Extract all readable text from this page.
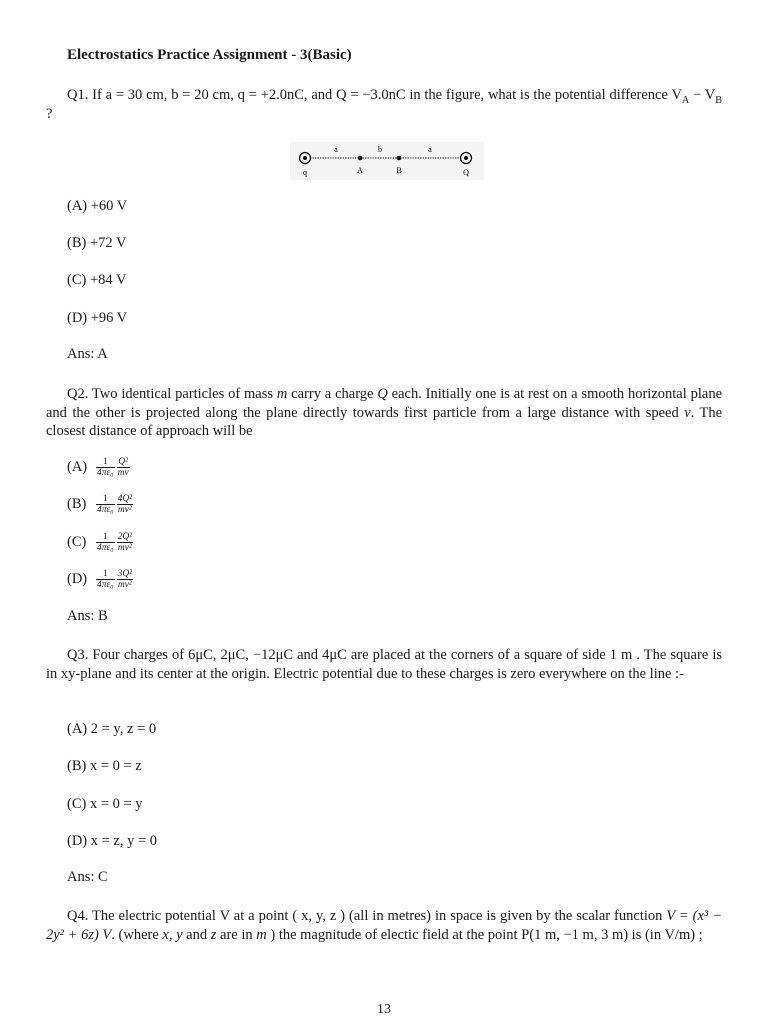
Electrostatics Practice Assignment - 3(Basic)
Q1. If a = 30 cm, b = 20 cm, q = +2.0nC, and Q = −3.0nC in the figure, what is the potential difference $V_A - V_B$ ?
a	b	a
q	A	B	Q
(A) +60 V
(B) +72 V
(C) +84 V
(D) +96 V
Ans: A
Q2. Two identical particles of mass m carry a charge Q each. Initially one is at rest on a smooth horizontal plane and the other is projected along the plane directly towards first particle from a large distance with speed v. The closest distance of approach will be
$(A) \frac{1}{\text{4πε₀}} \frac{\text{Q²}}{mv}$
$(B) \frac{1}{\text{4πε₀}} \frac{\text{4Q²}}{\text{mv²}}$
$(C) \frac{1}{\text{4πε₀}} \frac{\text{2Q²}}{\text{mv²}}$
$(D) \frac{1}{\text{4πε₀}} \frac{\text{3Q²}}{\text{mv²}}$
Ans: B
Q3. Four charges of 6μC, 2μC, −12μC and 4μC are placed at the corners of a square of side 1 m . The square is in xy-plane and its center at the origin. Electric potential due to these charges is zero everywhere on the line :-
(A) 2 = y, z = 0
(B) x = 0 = z
(C) x = 0 = y
(D) x = z, y = 0
Ans: C
Q4. The electric potential V at a point ( x, y, z ) (all in metres) in space is given by the scalar function V = (x³ − 2y² + 6z) V. (where x, y and z are in m ) the magnitude of electic field at the point P(1 m, −1 m, 3 m) is (in V/m) ;
13
